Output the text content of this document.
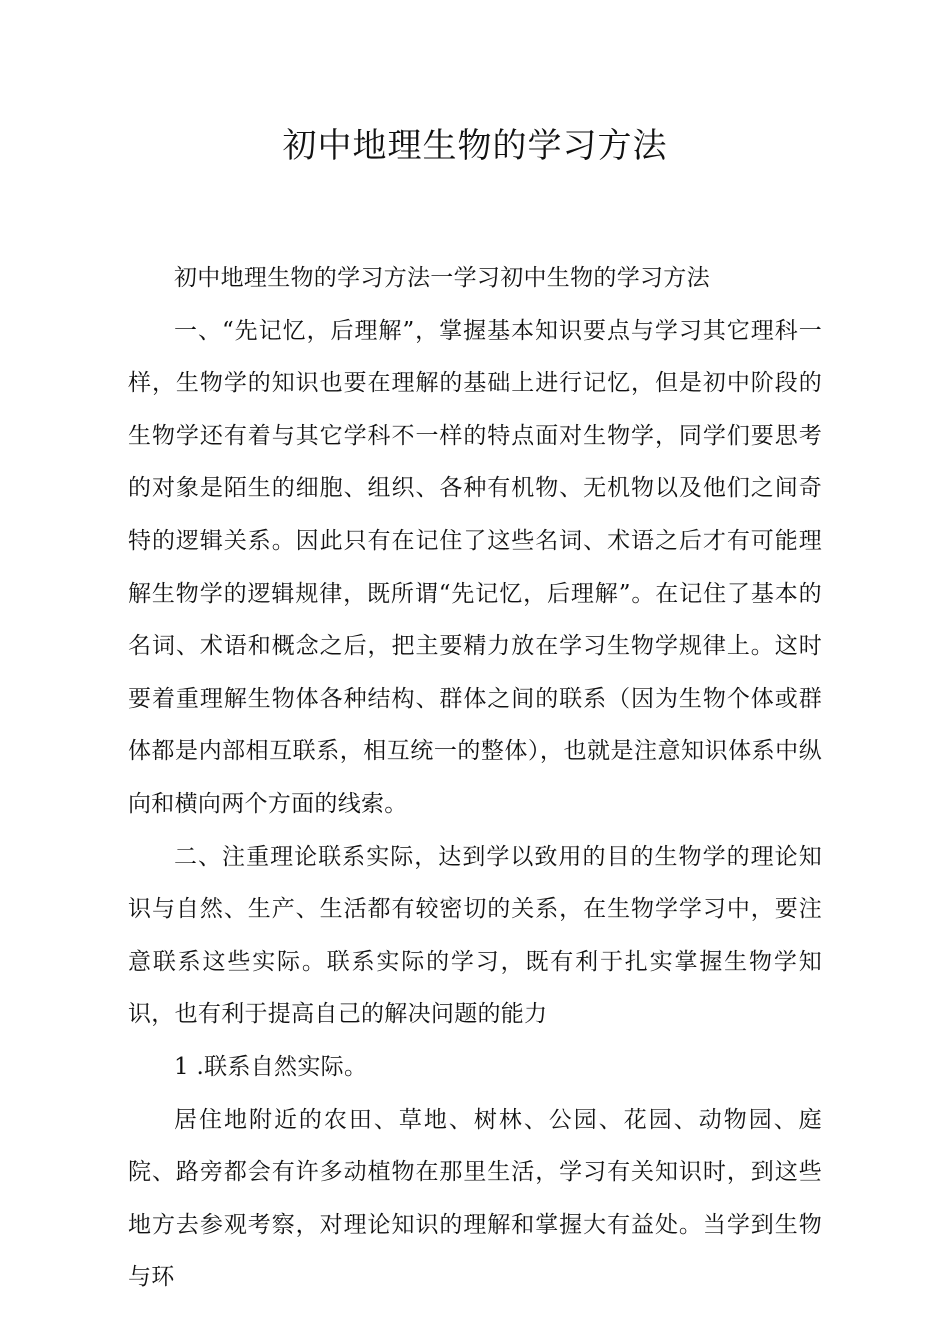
初中地理生物的学习方法

初中地理生物的学习方法一学习初中生物的学习方法

一、“先记忆，后理解”，掌握基本知识要点与学习其它理科一样，生物学的知识也要在理解的基础上进行记忆，但是初中阶段的生物学还有着与其它学科不一样的特点面对生物学，同学们要思考的对象是陌生的细胞、组织、各种有机物、无机物以及他们之间奇特的逻辑关系。因此只有在记住了这些名词、术语之后才有可能理解生物学的逻辑规律，既所谓“先记忆，后理解”。在记住了基本的名词、术语和概念之后，把主要精力放在学习生物学规律上。这时要着重理解生物体各种结构、群体之间的联系（因为生物个体或群体都是内部相互联系，相互统一的整体），也就是注意知识体系中纵向和横向两个方面的线索。

二、注重理论联系实际，达到学以致用的目的生物学的理论知识与自然、生产、生活都有较密切的关系，在生物学学习中，要注意联系这些实际。联系实际的学习，既有利于扎实掌握生物学知识，也有利于提高自己的解决问题的能力

1 .联系自然实际。

居住地附近的农田、草地、树林、公园、花园、动物园、庭院、路旁都会有许多动植物在那里生活，学习有关知识时，到这些地方去参观考察，对理论知识的理解和掌握大有益处。当学到生物与环
